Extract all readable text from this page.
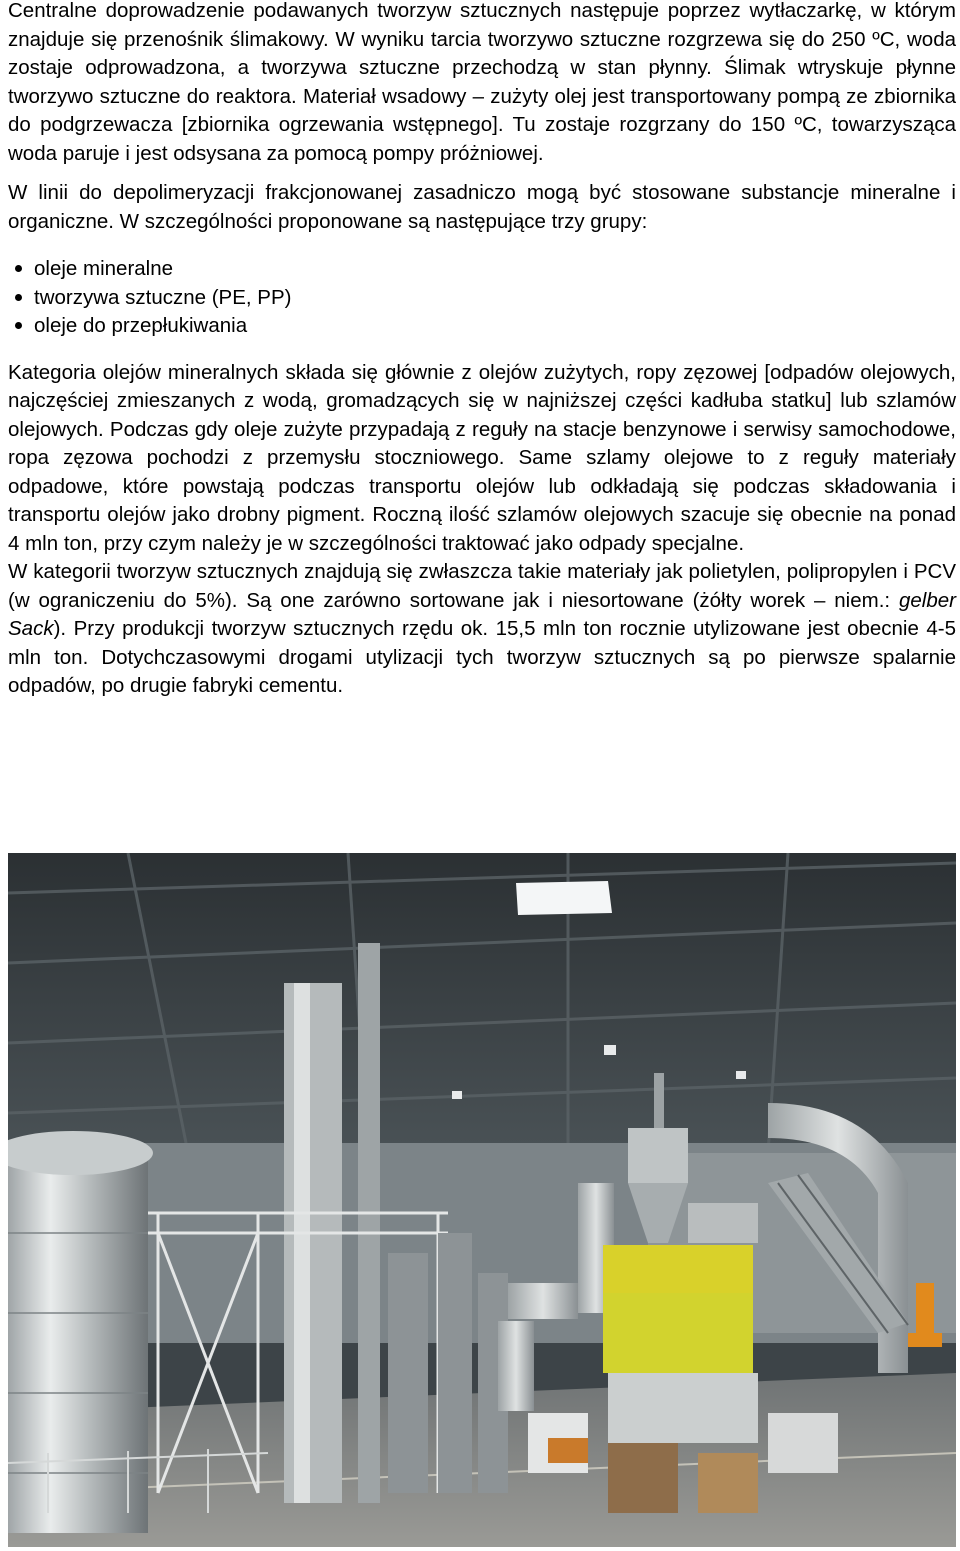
Centralne doprowadzenie podawanych tworzyw sztucznych następuje poprzez wytłaczarkę, w którym znajduje się przenośnik ślimakowy. W wyniku tarcia tworzywo sztuczne rozgrzewa się do 250 ºC, woda zostaje odprowadzona, a tworzywa sztuczne przechodzą w stan płynny. Ślimak wtryskuje płynne tworzywo sztuczne do reaktora. Materiał wsadowy – zużyty olej jest transportowany pompą ze zbiornika do podgrzewacza [zbiornika ogrzewania wstępnego]. Tu zostaje rozgrzany do 150 ºC, towarzysząca woda paruje i jest odsysana za pomocą pompy próżniowej.

W linii do depolimeryzacji frakcjonowanej zasadniczo mogą być stosowane substancje mineralne i organiczne. W szczególności proponowane są następujące trzy grupy:

oleje mineralne
tworzywa sztuczne (PE, PP)
oleje do przepłukiwania

Kategoria olejów mineralnych składa się głównie z olejów zużytych, ropy zęzowej [odpadów olejowych, najczęściej zmieszanych z wodą, gromadzących się w najniższej części kadłuba statku] lub szlamów olejowych. Podczas gdy oleje zużyte przypadają z reguły na stacje benzynowe i serwisy samochodowe, ropa zęzowa pochodzi z przemysłu stoczniowego. Same szlamy olejowe to z reguły materiały odpadowe, które powstają podczas transportu olejów lub odkładają się podczas składowania i transportu olejów jako drobny pigment. Roczną ilość szlamów olejowych szacuje się obecnie na ponad 4 mln ton, przy czym należy je w szczególności traktować jako odpady specjalne.

W kategorii tworzyw sztucznych znajdują się zwłaszcza takie materiały jak polietylen, polipropylen i PCV (w ograniczeniu do 5%). Są one zarówno sortowane jak i niesortowane (żółty worek – niem.: gelber Sack). Przy produkcji tworzyw sztucznych rzędu ok. 15,5 mln ton rocznie utylizowane jest obecnie 4-5 mln ton. Dotychczasowymi drogami utylizacji tych tworzyw sztucznych są po pierwsze spalarnie odpadów, po drugie fabryki cementu.
